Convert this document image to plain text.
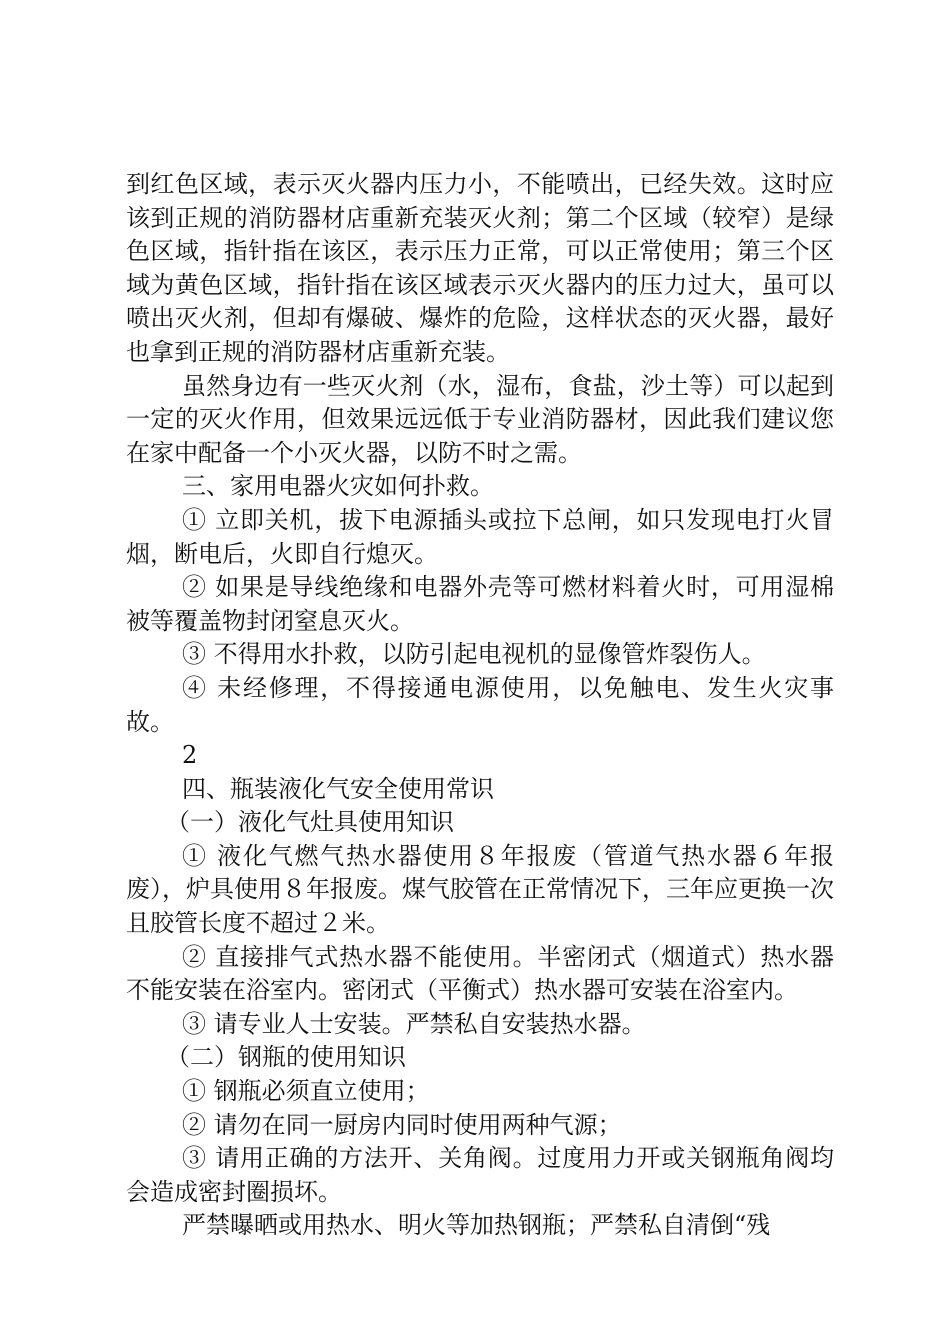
到红色区域，表示灭火器内压力小，不能喷出，已经失效。这时应该到正规的消防器材店重新充装灭火剂；第二个区域（较窄）是绿色区域，指针指在该区，表示压力正常，可以正常使用；第三个区域为黄色区域，指针指在该区域表示灭火器内的压力过大，虽可以喷出灭火剂，但却有爆破、爆炸的危险，这样状态的灭火器，最好也拿到正规的消防器材店重新充装。

虽然身边有一些灭火剂（水，湿布，食盐，沙土等）可以起到一定的灭火作用，但效果远远低于专业消防器材，因此我们建议您在家中配备一个小灭火器，以防不时之需。

三、家用电器火灾如何扑救。

① 立即关机，拔下电源插头或拉下总闸，如只发现电打火冒烟，断电后，火即自行熄灭。

② 如果是导线绝缘和电器外壳等可燃材料着火时，可用湿棉被等覆盖物封闭窒息灭火。

③ 不得用水扑救，以防引起电视机的显像管炸裂伤人。

④ 未经修理，不得接通电源使用，以免触电、发生火灾事故。

2

四、瓶装液化气安全使用常识

（一）液化气灶具使用知识

① 液化气燃气热水器使用８年报废（管道气热水器６年报废），炉具使用８年报废。煤气胶管在正常情况下，三年应更换一次且胶管长度不超过２米。

② 直接排气式热水器不能使用。半密闭式（烟道式）热水器不能安装在浴室内。密闭式（平衡式）热水器可安装在浴室内。

③ 请专业人士安装。严禁私自安装热水器。

（二）钢瓶的使用知识

① 钢瓶必须直立使用；

② 请勿在同一厨房内同时使用两种气源；

③ 请用正确的方法开、关角阀。过度用力开或关钢瓶角阀均会造成密封圈损坏。

严禁曝晒或用热水、明火等加热钢瓶；严禁私自清倒“残
